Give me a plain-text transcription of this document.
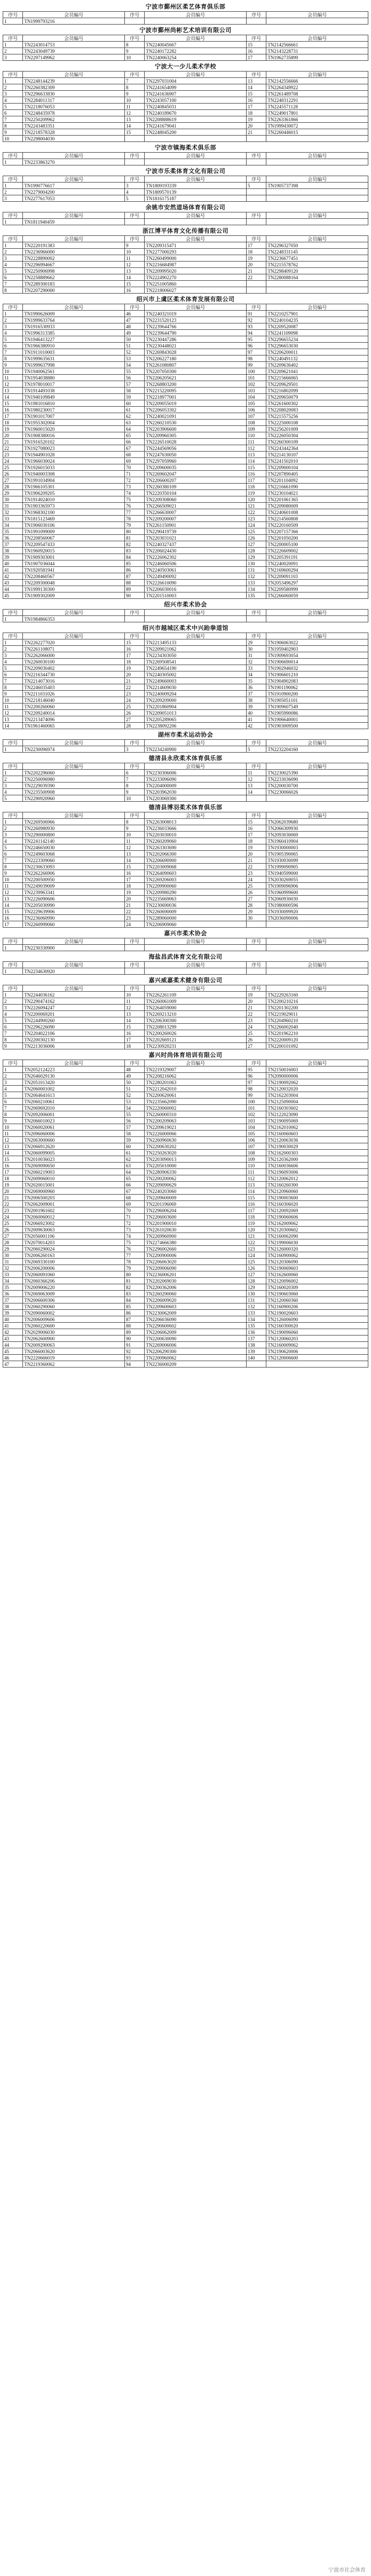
宁波市鄞州区柔艺体育俱乐部
序号	会员编号	序号	会员编号	序号	会员编号
1	TN1999793216				
宁波市鄞州尚彬艺术培训有限公司
序号	会员编号	序号	会员编号	序号	会员编号
1	TN2243014753	8	TN2240045667	15	TN2142566661
2	TN2243049739	9	TN2240172282	16	TN2143228731
3	TN2297149962	10	TN2240063254	17	TN1962735899
宁波大一少儿柔术学校
序号	会员编号	序号	会员编号	序号	会员编号
1	TN2248144239	7	TN2297031004	13	TN2142556666
2	TN2260382309	8	TN2241654099	14	TN2264349922
3	TN2296633830	9	TN2241636907	15	TN2261489708
4	TN2284011317	10	TN2243057100	16	TN2248312291
5	TN2218076053	11	TN2240845031	17	TN2245571128
6	TN2248435978	12	TN2240189670	18	TN2249017801
7	TN2250209962	13	TN2208888619	19	TN2263361866
8	TN2243483351	14	TN2241679041	20	TN1999430072
9	TN2218578328	15	TN2248045200	21	TN2260446015
10	TN2298004030				
宁波市镇海柔术俱乐部
序号	会员编号	序号	会员编号	序号	会员编号
1	TN2233863270				
宁波市乐柔体育文化有限公司
序号	会员编号	序号	会员编号	序号	会员编号
1	TN1990776617	3	TN1809193339	5	TN1905737398
2	TN2279004200	4	TN1809570139		
3	TN2277617053	5	TN1816175187		
余姚市安然道场体育有限公司
序号	会员编号	序号	会员编号	序号	会员编号
1	TN1811940459				
浙江博平体育文化传播有限公司
序号	会员编号	序号	会员编号	序号	会员编号
1	TN2220191383	9	TN2209315471	17	TN2296327050
2	TN2236966000	10	TN2277000293	18	TN2248331145
3	TN2228890002	11	TN2260499000	19	TN2236677451
4	TN2296994667	12	TN2216684987	20	TN2215578762
5	TN2250906998	13	TN2209995020	21	TN2298409120
6	TN2258889662	14	TN2224902270	22	TN2280088164
7	TN2289300183	15	TN2251005860		
8	TN2207290000	16	TN2218006027		
绍兴市上虞区柔术体育发展有限公司
序号	会员编号	序号	会员编号	序号	会员编号
1	TN1990626009	46	TN2240321019	91	TN2210257901
2	TN1999633764	47	TN2231520123	92	TN2240104235
3	TN1916530933	48	TN2239644766	93	TN2209520087
4	TN1996313385	49	TN2239644790	94	TN2241109098
5	TN1946413227	50	TN2230447286	95	TN2296655234
6	TN1966380910	51	TN2230448021	96	TN2296653030
7	TN1911010003	52	TN2269843028	97	TN2206200011
8	TN1999635631	53	TN2206227180	98	TN2240491132
9	TN1999637998	54	TN2261080807	99	TN2209636402
10	TN1940062561	55	TN2207050300	100	TN2209621041
11	TN1954038880	56	TN2206205621	101	TN2215666065
12	TN1978010017	57	TN2268803200	102	TN2209629501
13	TN1914491038	58	TN2215220095	103	TN2216802099
14	TN1940109849	59	TN2218977001	104	TN2209650079
15	TN1981016810	60	TN2209055019	105	TN2261600302
16	TN1980230017	61	TN2206053302	106	TN2208020083
17	TN1901017007	62	TN2240021091	107	TN2215575256
18	TN1955302004	63	TN2260210530	108	TN2225000108
19	TN1960015020	64	TN2203906600	109	TN2256201009
20	TN1908380016	65	TN2209960305	110	TN2226050304
21	TN1916520102	66	TN2226510028	111	TN2260300109
22	TN1927080023	67	TN2244569056	112	TN2243442364
23	TN1944901028	68	TN2247630050	113	TN2214130107
24	TN1966030024	69	TN2297059960	114	TN2241502010
25	TN1926015033	70	TN2209600035	115	TN2209000104
26	TN1940003308	71	TN2269602047	116	TN2207890405
27	TN1991034904	72	TN2206600207	117	TN2201104092
28	TN1966105301	73	TN2260380109	118	TN2216661090
29	TN1906209205	74	TN2220350104	119	TN2230104021
30	TN1914024010	75	TN2209308060	120	TN2201061365
31	TN1903365973	76	TN2266509021	121	TN2209080009
32	TN1968302100	77	TN2266630007	122	TN2240601008
33	TN1815123469	78	TN2209200007	123	TN2214560808
34	TN1906030106	79	TN2261150901	124	TN2220160509
35	TN1991099009	80	TN2290419739	125	TN2207157366
36	TN2208560067	81	TN2203031021	126	TN2201050200
37	TN2209547433	82	TN2240327437	127	TN2200005100
38	TN1960920015	83	TN2206024430	128	TN2226609002
39	TN1909303001	84	TN2226062302	129	TN2205391191
40	TN1907036044	85	TN2246060506	130	TN2240020091
41	TN1920581941	86	TN2240503061	131	TN2169600294
42	TN2208460567	87	TN2249490092	132	TN2209091103
43	TN2209300048	88	TN2226610090	133	TN2053496297
44	TN1999130300	89	TN2206030016	134	TN2209580999
45	TN1909302009	90	TN2201510003	135	TN2266060059
绍兴市柔术协会
序号	会员编号	序号	会员编号	序号	会员编号
1	TN1984866353				
绍兴市越城区柔术中兴跆拳道馆
序号	会员编号	序号	会员编号	序号	会员编号
1	TN2262277020	15	TN2213495133	29	TN1906063022
2	TN2261108071	16	TN2209021062	30	TN1959402903
3	TN2262066000	17	TN2234303050	31	TN1909693054
4	TN2260030100	18	TN2269508541	32	TN1906690014
5	TN2209030402	19	TN2249654190	33	TN1902946032
6	TN2216344730	20	TN2240305002	34	TN1906601210
7	TN2214073016	21	TN2249660003	35	TN1904902083
8	TN2246035403	22	TN2214609030	36	TN1901190062
9	TN2211031026	23	TN2240009204	37	TN1910900200
10	TN2218146040	24	TN2209209000	38	TN1905051101
11	TN2200260060	25	TN2201860904	39	TN1909607549
12	TN2209240014	26	TN2209051013	40	TN1905990086
13	TN2213474096	27	TN2205289065	41	TN1906640001
14	TN1961460065	28	TN2238092206	42	TN1903009500
湖州市柔术运动协会
序号	会员编号	序号	会员编号	序号	会员编号
1	TN2230096974	3	TN2234240900	5	TN2232204160
德清县永欣柔术体育俱乐部
序号	会员编号	序号	会员编号	序号	会员编号
1	TN2202296060	6	TN2230306006	11	TN2230025390
2	TN2250096980	7	TN2233096090	12	TN2233036090
3	TN2229039390	8	TN2204000009	13	TN2200030700
4	TN2235500908	9	TN2203962030	14	TN2230066026
5	TN2290920960	10	TN2203069300		
德清县博羽柔术体育俱乐部
序号	会员编号	序号	会员编号	序号	会员编号
1	TN2269506966	8	TN2263008013	15	TN2062039680
2	TN2260980930	9	TN2236033666	16	TN2066309930
3	TN2290000800	10	TN2203030010	17	TN2093030069
4	TN2241142140	11	TN2260209060	18	TN1960410904
5	TN2246650030	12	TN2263303690	19	TN1930000003
6	TN2249603068	13	TN2202066300	20	TN1905390065
7	TN2223309060	14	TN2206690900	21	TN1930930099
8	TN2230633093	15	TN2203009068	22	TN1999090905
9	TN2262266906	16	TN2264090603	23	TN1940599000
10	TN2200500950	17	TN2269206003	24	TN2030269055
11	TN2249039009	18	TN2209900060	25	TN1909096906
12	TN2239963341	19	TN2209980290	26	TN1960999600
13	TN2226090606	20	TN2235669063	27	TN2060930030
14	TN2205030990	21	TN2230690036	28	TN1980000596
15	TN2229639906	22	TN2260690009	29	TN1930099920
16	TN2236060990	23	TN2289060000	30	TN2036090006
17	TN2260999060	24	TN2206909060		
嘉兴市柔术协会
序号	会员编号	序号	会员编号	序号	会员编号
1	TN2230330900				
海盐昌武体育文化有限公司
序号	会员编号	序号	会员编号	序号	会员编号
1	TN2234630920				
嘉兴威嘉柔术健身有限公司
序号	会员编号	序号	会员编号	序号	会员编号
1	TN2244036162	10	TN2262261109	19	TN2229263160
2	TN2290474162	11	TN2260061009	20	TN2200210216
3	TN2226094247	12	TN2264059000	21	TN2201302200
4	TN2200069201	13	TN2269213210	22	TN2219029011
5	TN2244900260	14	TN2206300300	23	TN2204960210
6	TN2296226090	15	TN2208013299	24	TN2266002040
7	TN2204022106	16	TN2200260026	25	TN2201962210
8	TN2200302130	17	TN2202669121	26	TN2220009120
9	TN2213036006	18	TN2230920231	27	TN2200101092
嘉兴时尚体育培训有限公司
序号	会员编号	序号	会员编号	序号	会员编号
1	TN2052124223	48	TN2219329007	95	TN2150016003
2	TN2046029130	49	TN2208216062	96	TN2090000006
3	TN2051013420	50	TN2280201063	97	TN2190092062
4	TN2060001002	51	TN2212042010	98	TN2120032020
5	TN2064641613	52	TN2200620061	99	TN2162203004
6	TN2060210061	53	TN2235662090	100	TN2125090004
7	TN2069692010	54	TN2220060002	101	TN2160303602
8	TN2092006001	55	TN2260000310	102	TN2122023090
9	TN2066010023	56	TN2200209063	103	TN2190095069
10	TN2060020061	57	TN2209619021	104	TN2162010062
11	TN2096060006	58	TN2226000066	105	TN2160060603
12	TN2063000660	59	TN2260960630	106	TN2120063036
13	TN2066912620	60	TN2200630202	107	TN2190030029
14	TN2060099005	61	TN2250263020	108	TN2162000303
15	TN2010036023	62	TN2203090013	109	TN2120362000
16	TN2069090650	63	TN2205010000	110	TN2160036606
17	TN2060219003	64	TN2280906330	111	TN2196093006
18	TN2009060010	65	TN2200200062	112	TN2120062012
19	TN2020015001	66	TN2209090629	113	TN2160260300
20	TN2069000960	67	TN2240203060	114	TN2120960060
21	TN2006500203	68	TN2209600009	115	TN2190003600
22	TN2062009001	69	TN2201196069	116	TN2160306020
23	TN2001961602	70	TN2296006204	117	TN2120092069
24	TN2060060012	71	TN2206003600	118	TN2190060606
25	TN2066923002	72	TN2201900010	119	TN2162009062
26	TN2009630063	73	TN2261020630	120	TN2120300602
27	TN2056001106	74	TN2269960900	121	TN2160062090
28	TN2070014203	75	TN2274666380	122	TN2199006030
29	TN2060290024	76	TN2296002660	123	TN2126000320
30	TN2006260163	77	TN2200900006	124	TN2160900062
31	TN2069330100	78	TN2206063020	125	TN2120306090
32	TN2006200006	79	TN2209006090	126	TN2190069603
33	TN2060091060	80	TN2236006201	127	TN2162600060
34	TN2060366206	81	TN2202069030	128	TN2120096002
35	TN2009006220	82	TN2200362006	129	TN2160020309
36	TN2069063009	83	TN2260290060	130	TN2190603060
37	TN2006600306	84	TN2206009020	131	TN2120060360
38	TN2060290060	85	TN2209600603	132	TN2160900206
39	TN2090060002	86	TN2230062009	133	TN2190020603
40	TN2006009606	87	TN2206036090	134	TN2126006090
41	TN2060220600	88	TN2290600602	135	TN2160300020
42	TN2029006030	89	TN2206062009	136	TN2190096060
43	TN2062600900	90	TN2200630090	137	TN2120060203
44	TN2009290063	91	TN2269006006	138	TN2160009062
45	TN2066003620	92	TN2206290300	139	TN2190620006
46	TN2220666019	93	TN2200960062	140	TN2120006600
47	TN2219360062	94	TN2236000209		
宁波市社会体育
